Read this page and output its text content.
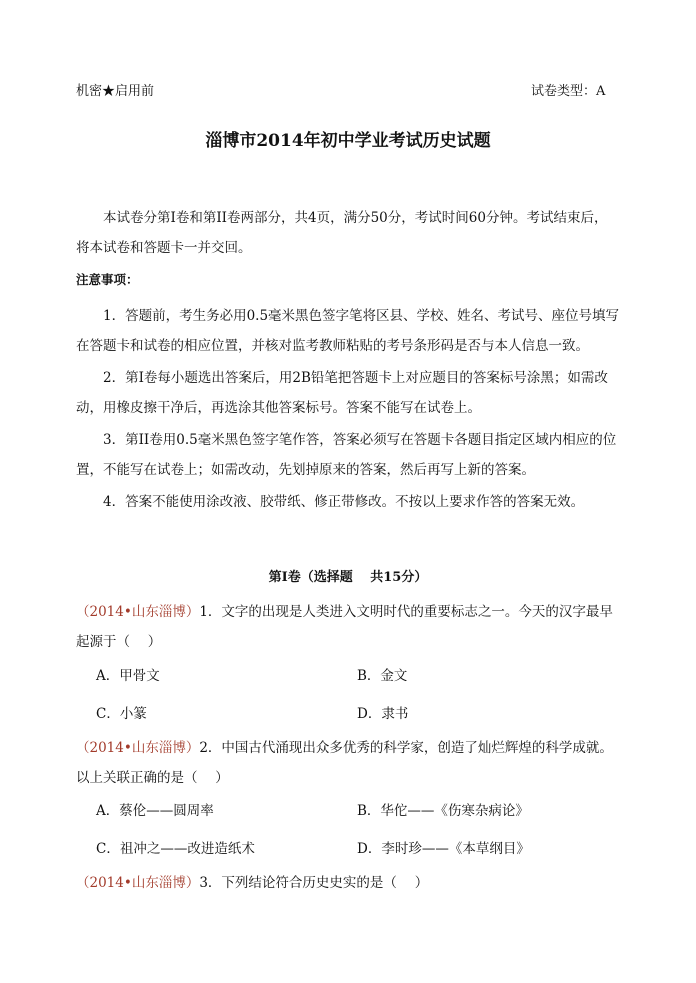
机密★启用前	试卷类型：A
淄博市2014年初中学业考试历史试题
本试卷分第I卷和第II卷两部分，共4页，满分50分，考试时间60分钟。考试结束后，将本试卷和答题卡一并交回。
注意事项：
1．答题前，考生务必用0.5毫米黑色签字笔将区县、学校、姓名、考试号、座位号填写在答题卡和试卷的相应位置，并核对监考教师粘贴的考号条形码是否与本人信息一致。
2．第I卷每小题选出答案后，用2B铅笔把答题卡上对应题目的答案标号涂黑；如需改动，用橡皮擦干净后，再选涂其他答案标号。答案不能写在试卷上。
3．第II卷用0.5毫米黑色签字笔作答，答案必须写在答题卡各题目指定区域内相应的位置，不能写在试卷上；如需改动，先划掉原来的答案，然后再写上新的答案。
4．答案不能使用涂改液、胶带纸、修正带修改。不按以上要求作答的答案无效。
第I卷（选择题　 共15分）
（2014•山东淄博）1．文字的出现是人类进入文明时代的重要标志之一。今天的汉字最早起源于（　 ）
A．甲骨文	B．金文
C．小篆	D．隶书
（2014•山东淄博）2．中国古代涌现出众多优秀的科学家，创造了灿烂辉煌的科学成就。以上关联正确的是（　 ）
A．蔡伦——圆周率	B．华佗——《伤寒杂病论》
C．祖冲之——改进造纸术	D．李时珍——《本草纲目》
（2014•山东淄博）3．下列结论符合历史史实的是（　 ）
